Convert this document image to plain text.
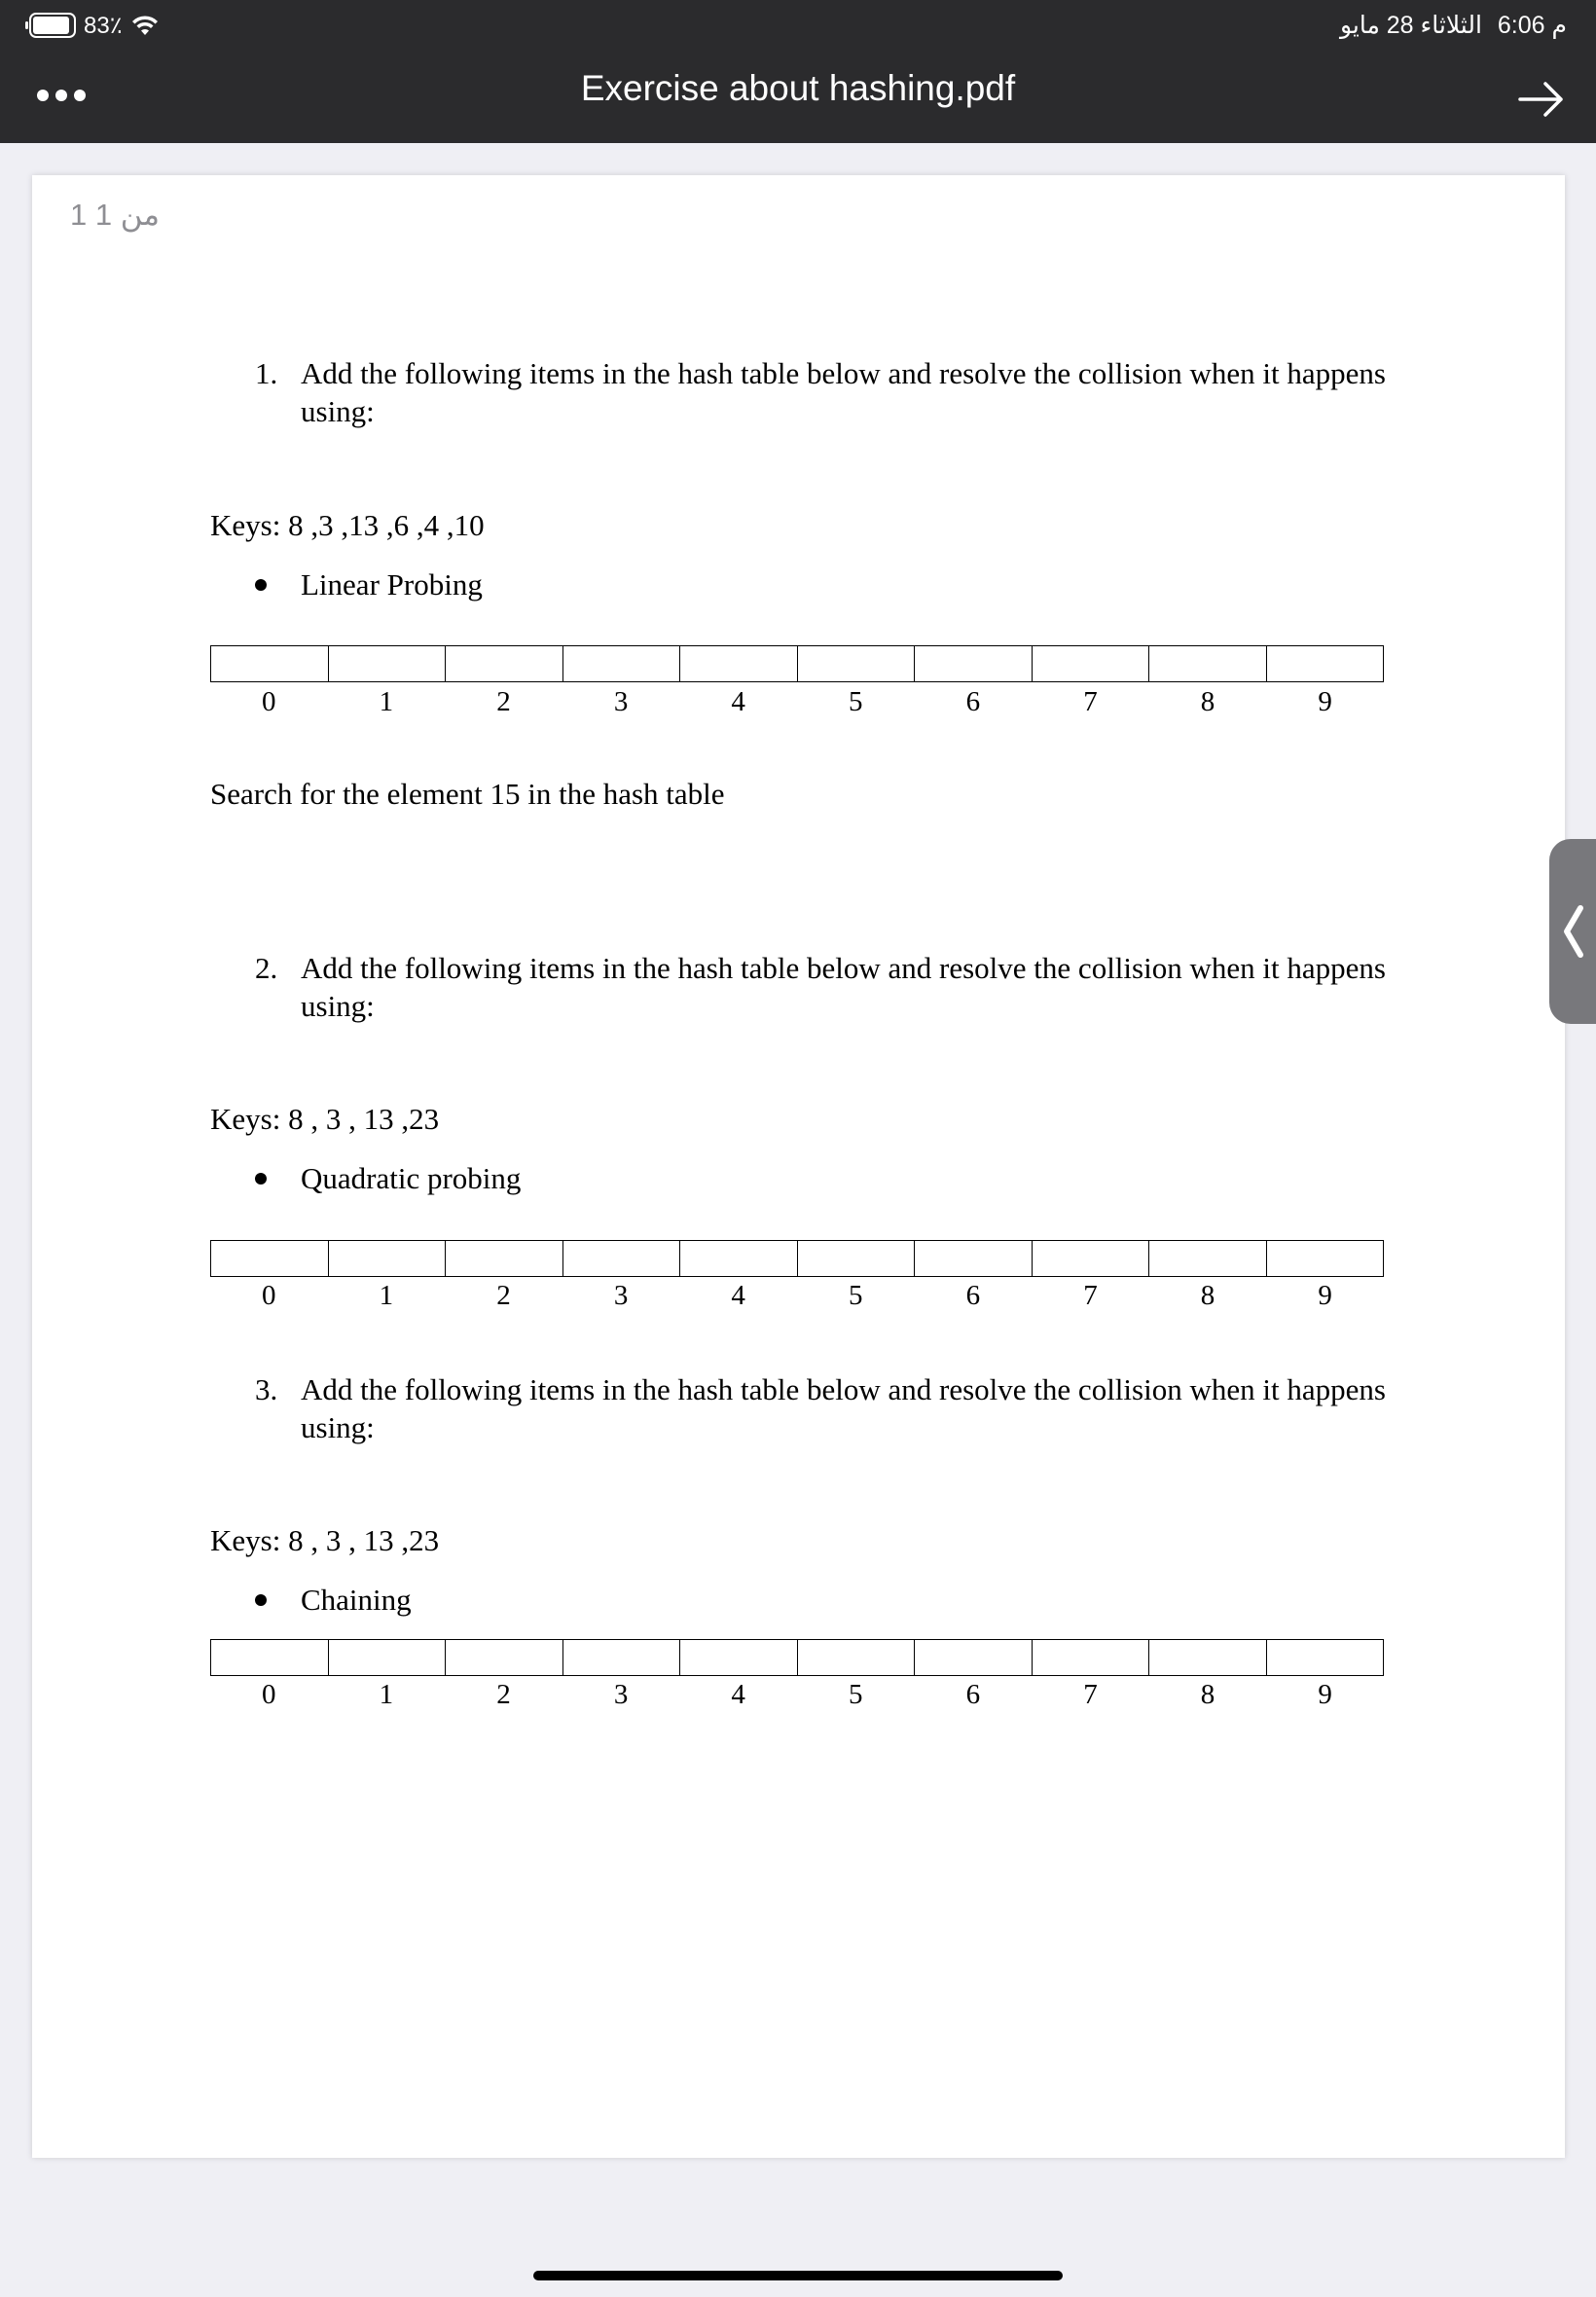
83٪	الثلاثاء 28 مايو 6:06 م
Exercise about hashing.pdf
1 من 1
1. Add the following items in the hash table below and resolve the collision when it happens using:
Keys: 8 ,3 ,13 ,6 ,4 ,10
Linear Probing
0	1	2	3	4	5	6	7	8	9
Search for the element 15 in the hash table
2. Add the following items in the hash table below and resolve the collision when it happens using:
Keys: 8 , 3 , 13 ,23
Quadratic probing
0	1	2	3	4	5	6	7	8	9
3. Add the following items in the hash table below and resolve the collision when it happens using:
Keys: 8 , 3 , 13 ,23
Chaining
0	1	2	3	4	5	6	7	8	9
